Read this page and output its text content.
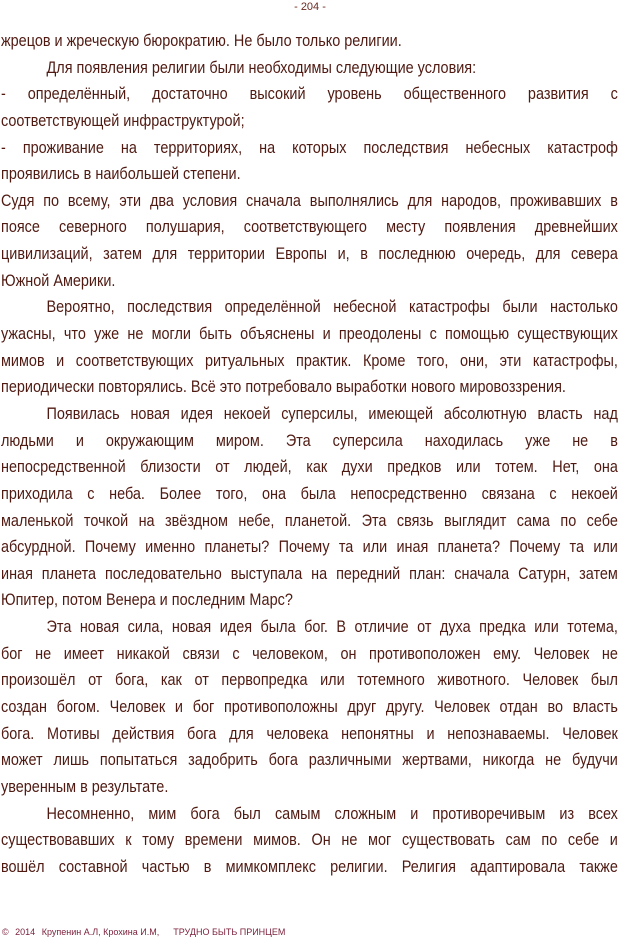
- 204 -
жрецов и жреческую бюрократию. Не было только религии.
Для появления религии были необходимы следующие условия:
- определённый, достаточно высокий уровень общественного развития с
соответствующей инфраструктурой;
- проживание на территориях, на которых последствия небесных катастроф
проявились в наибольшей степени.
Судя по всему, эти два условия сначала выполнялись для народов, проживавших в
поясе северного полушария, соответствующего месту появления древнейших
цивилизаций, затем для территории Европы и, в последнюю очередь, для севера
Южной Америки.
Вероятно, последствия определённой небесной катастрофы были настолько
ужасны, что уже не могли быть объяснены и преодолены с помощью существующих
мимов и соответствующих ритуальных практик. Кроме того, они, эти катастрофы,
периодически повторялись. Всё это потребовало выработки нового мировоззрения.
Появилась новая идея некоей суперсилы, имеющей абсолютную власть над
людьми и окружающим миром. Эта суперсила находилась уже не в
непосредственной близости от людей, как духи предков или тотем. Нет, она
приходила с неба. Более того, она была непосредственно связана с некоей
маленькой точкой на звёздном небе, планетой. Эта связь выглядит сама по себе
абсурдной. Почему именно планеты? Почему та или иная планета? Почему та или
иная планета последовательно выступала на передний план: сначала Сатурн, затем
Юпитер, потом Венера и последним Марс?
Эта новая сила, новая идея была бог. В отличие от духа предка или тотема,
бог не имеет никакой связи с человеком, он противоположен ему. Человек не
произошёл от бога, как от первопредка или тотемного животного. Человек был
создан богом. Человек и бог противоположны друг другу. Человек отдан во власть
бога. Мотивы действия бога для человека непонятны и непознаваемы. Человек
может лишь попытаться задобрить бога различными жертвами, никогда не будучи
уверенным в результате.
Несомненно, мим бога был самым сложным и противоречивым из всех
существовавших к тому времени мимов. Он не мог существовать сам по себе и
вошёл составной частью в мимкомплекс религии. Религия адаптировала также
© 2014 Крупенин А.Л, Крохина И.М, ТРУДНО БЫТЬ ПРИНЦЕМ
